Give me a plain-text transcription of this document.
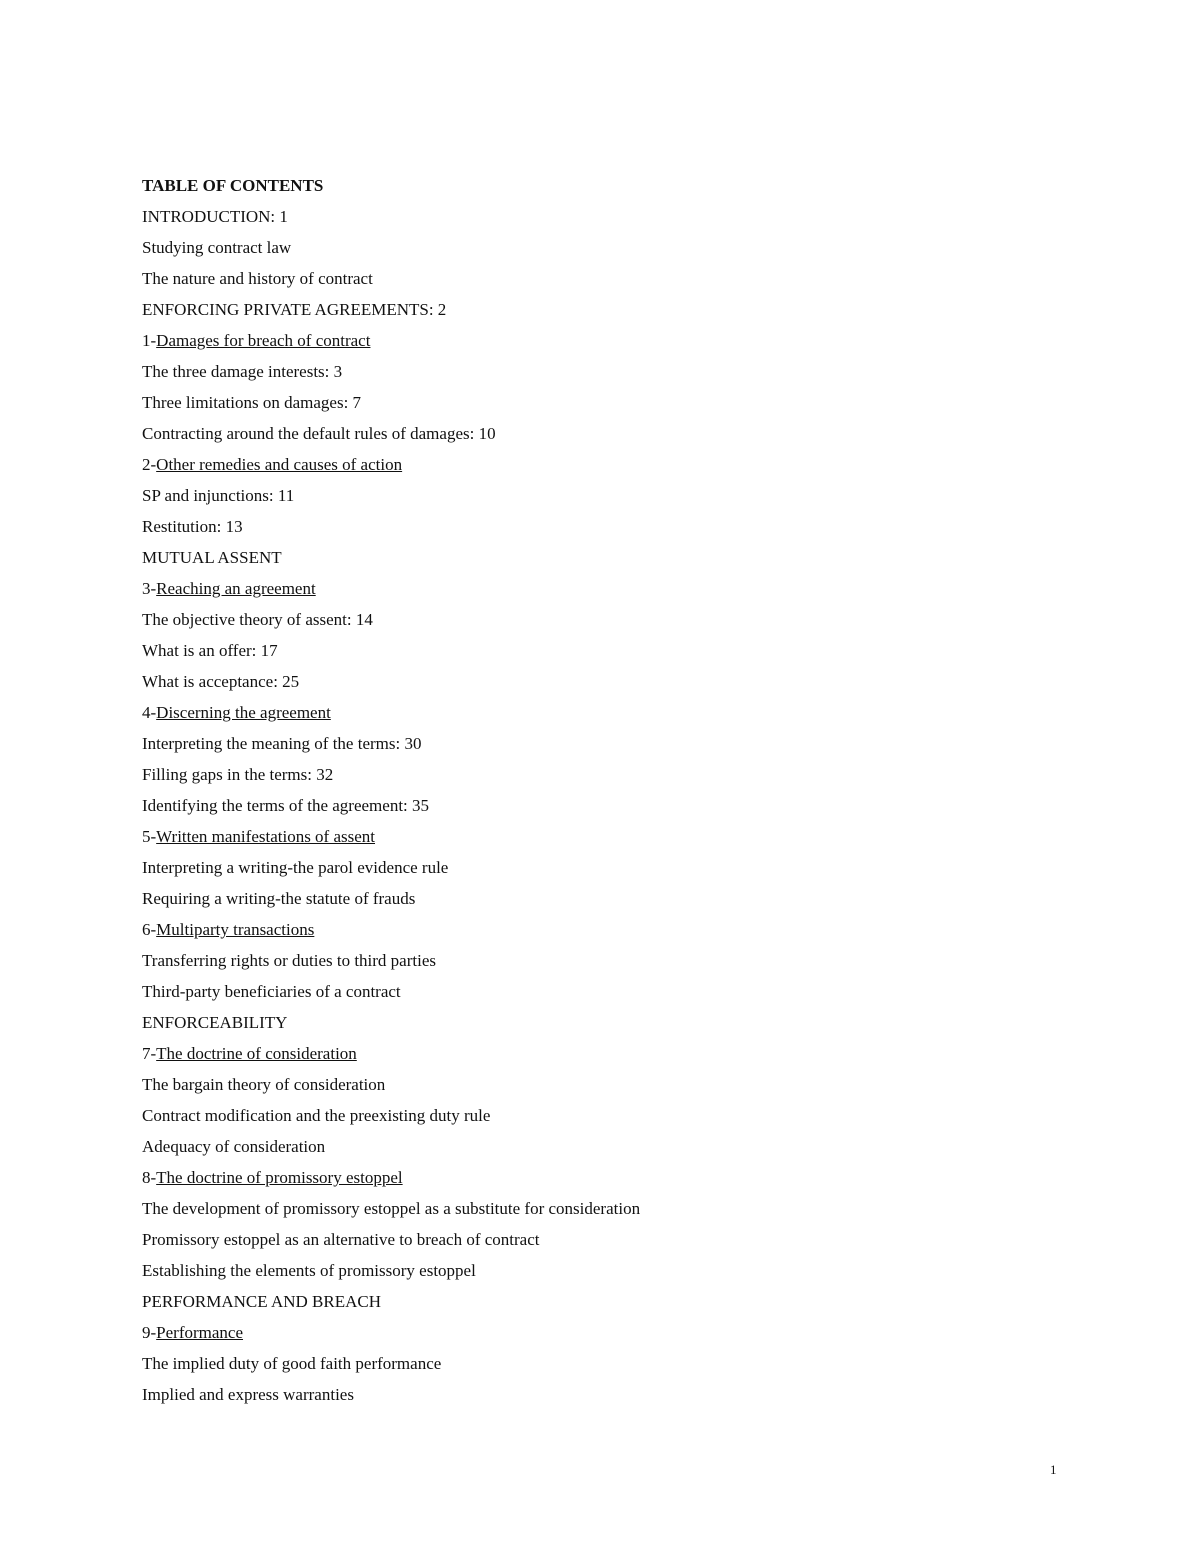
TABLE OF CONTENTS
INTRODUCTION: 1
Studying contract law
The nature and history of contract
ENFORCING PRIVATE AGREEMENTS: 2
1-Damages for breach of contract
The three damage interests: 3
Three limitations on damages: 7
Contracting around the default rules of damages: 10
2-Other remedies and causes of action
SP and injunctions: 11
Restitution: 13
MUTUAL ASSENT
3-Reaching an agreement
The objective theory of assent: 14
What is an offer: 17
What is acceptance: 25
4-Discerning the agreement
Interpreting the meaning of the terms: 30
Filling gaps in the terms: 32
Identifying the terms of the agreement: 35
5-Written manifestations of assent
Interpreting a writing-the parol evidence rule
Requiring a writing-the statute of frauds
6-Multiparty transactions
Transferring rights or duties to third parties
Third-party beneficiaries of a contract
ENFORCEABILITY
7-The doctrine of consideration
The bargain theory of consideration
Contract modification and the preexisting duty rule
Adequacy of consideration
8-The doctrine of promissory estoppel
The development of promissory estoppel as a substitute for consideration
Promissory estoppel as an alternative to breach of contract
Establishing the elements of promissory estoppel
PERFORMANCE AND BREACH
9-Performance
The implied duty of good faith performance
Implied and express warranties
1
